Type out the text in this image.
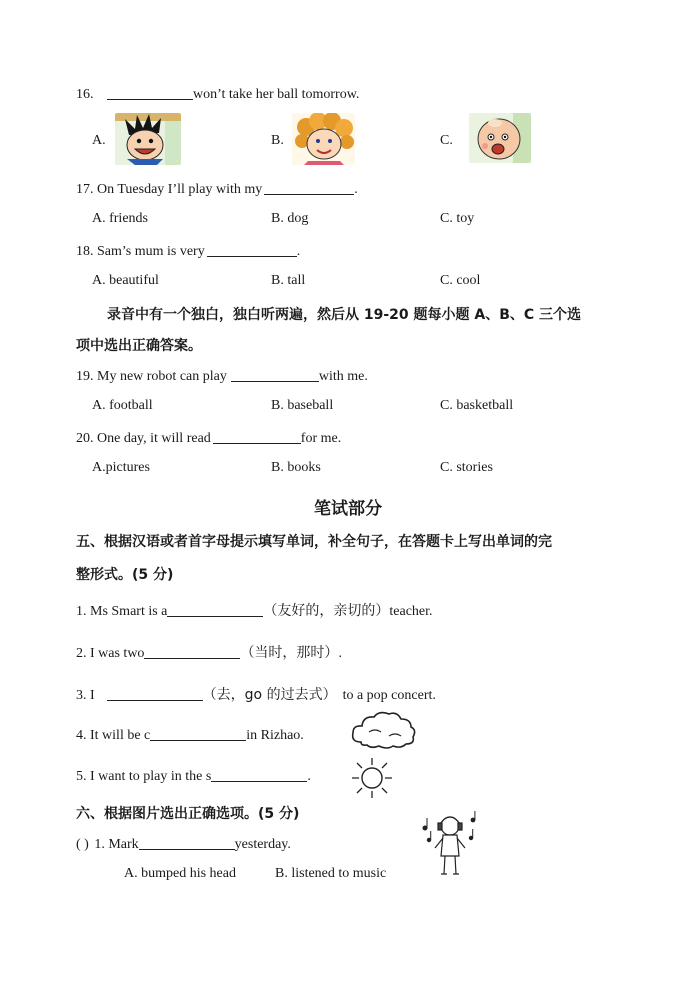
16.	won’t take her ball tomorrow.
A.	B.	C.
17. On Tuesday I’ll play with my	.
A. friends	B. dog	C. toy
18. Sam’s mum is very	.
A. beautiful	B. tall	C. cool
录音中有一个独白，独白听两遍，然后从 19-20 题每小题 A、B、C 三个选
项中选出正确答案。
19. My new robot can play	with me.
A. football	B. baseball	C. basketball
20. One day, it will read	for me.
A.pictures	B. books	C. stories
笔试部分
五、根据汉语或者首字母提示填写单词，补全句子，在答题卡上写出单词的完
整形式。(5 分)
1. Ms Smart is a	（友好的，亲切的）teacher.
2. I was two	（当时，那时）.
3. I	（去，go 的过去式） to a pop concert.
4. It will be c	in Rizhao.
5. I want to play in the s	.
六、根据图片选出正确选项。(5 分)
( ) 1. Mark	yesterday.
A. bumped his head	B. listened to music
